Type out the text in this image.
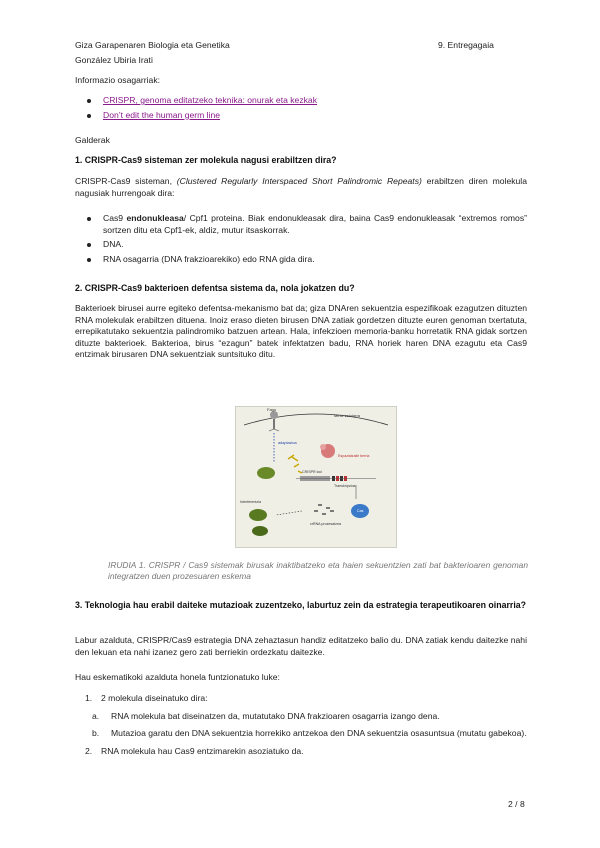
Giza Garapenaren Biologia eta Genetika	9. Entregagaia
González Ubiria Irati
Informazio osagarriak:
CRISPR, genoma editatzeko teknika: onurak eta kezkak
Don’t edit the human germ line
Galderak
1. CRISPR-Cas9 sisteman zer molekula nagusi erabiltzen dira?
CRISPR-Cas9 sisteman, (Clustered Regularly Interspaced Short Palindromic Repeats) erabiltzen diren molekula nagusiak hurrengoak dira:
Cas9 endonukleasa/ Cpf1 proteina. Biak endonukleasak dira, baina Cas9 endonukleasak “extremos romos” sortzen ditu eta Cpf1-ek, aldiz, mutur itsaskorrak.
DNA.
RNA osagarria (DNA frakzioarekiko) edo RNA gida dira.
2. CRISPR-Cas9 bakterioen defentsa sistema da, nola jokatzen du?
Bakterioek birusei aurre egiteko defentsa-mekanismo bat da; giza DNAren sekuentzia espezifikoak ezagutzen dituzten RNA molekulak erabiltzen dituena. Inoiz eraso dieten birusen DNA zatiak gordetzen dituzte euren genoman txertatuta, errepikatutako sekuentzia palindromiko batzuen artean. Hala, infekzioen memoria-banku horretatik RNA gidak sortzen dituzte bakterioek. Bakterioa, birus “ezagun” batek infektatzen badu, RNA horiek haren DNA ezagutu eta Cas9 entzimak birusaren DNA sekuentziak suntsituko ditu.
Mintz zelularra
Fago
adaptazioa
Espaziatzaile berria
Transkripzioa
CRISPR loci
Cas
crRNA prozesatzea
Interferentzia
IRUDIA 1. CRISPR / Cas9 sistemak birusak inaktibatzeko eta haien sekuentzien zati bat bakterioaren genoman integratzen duen prozesuaren eskema
3. Teknologia hau erabil daiteke mutazioak zuzentzeko, laburtuz zein da estrategia terapeutikoaren oinarria?
Labur azalduta, CRISPR/Cas9 estrategia DNA zehaztasun handiz editatzeko balio du. DNA zatiak kendu daitezke nahi den lekuan eta nahi izanez gero zati berriekin ordezkatu daitezke.
Hau eskematikoki azalduta honela funtzionatuko luke:
1. 2 molekula diseinatuko dira:
a. RNA molekula bat diseinatzen da, mutatutako DNA frakzioaren osagarria izango dena.
b. Mutazioa garatu den DNA sekuentzia horrekiko antzekoa den DNA sekuentzia osasuntsua (mutatu gabekoa).
2. RNA molekula hau Cas9 entzimarekin asoziatuko da.
2 / 8
